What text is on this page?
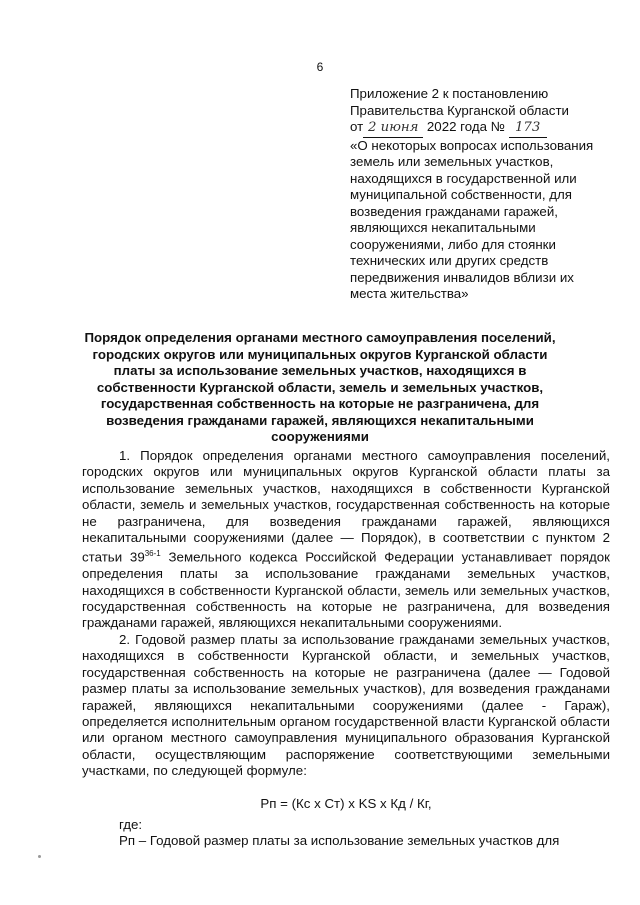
6
Приложение 2 к постановлению
Правительства Курганской области
от 2 июня 2022 года № 173
«О некоторых вопросах использования
земель или земельных участков,
находящихся в государственной или
муниципальной собственности, для
возведения гражданами гаражей,
являющихся некапитальными
сооружениями, либо для стоянки
технических или других средств
передвижения инвалидов вблизи их
места жительства»
Порядок определения органами местного самоуправления поселений, городских округов или муниципальных округов Курганской области платы за использование земельных участков, находящихся в собственности Курганской области, земель и земельных участков, государственная собственность на которые не разграничена, для возведения гражданами гаражей, являющихся некапитальными сооружениями

1. Порядок определения органами местного самоуправления поселений, городских округов или муниципальных округов Курганской области платы за использование земельных участков, находящихся в собственности Курганской области, земель и земельных участков, государственная собственность на которые не разграничена, для возведения гражданами гаражей, являющихся некапитальными сооружениями (далее — Порядок), в соответствии с пунктом 2 статьи 39$^{36-1}$ Земельного кодекса Российской Федерации устанавливает порядок определения платы за использование гражданами земельных участков, находящихся в собственности Курганской области, земель или земельных участков, государственная собственность на которые не разграничена, для возведения гражданами гаражей, являющихся некапитальными сооружениями.

2. Годовой размер платы за использование гражданами земельных участков, находящихся в собственности Курганской области, и земельных участков, государственная собственность на которые не разграничена (далее — Годовой размер платы за использование земельных участков), для возведения гражданами гаражей, являющихся некапитальными сооружениями (далее - Гараж), определяется исполнительным органом государственной власти Курганской области или органом местного самоуправления муниципального образования Курганской области, осуществляющим распоряжение соответствующими земельными участками, по следующей формуле:

Рп = (Кс х Ст) х KS х Кд / Кг,
где:

Рп – Годовой размер платы за использование земельных участков для
